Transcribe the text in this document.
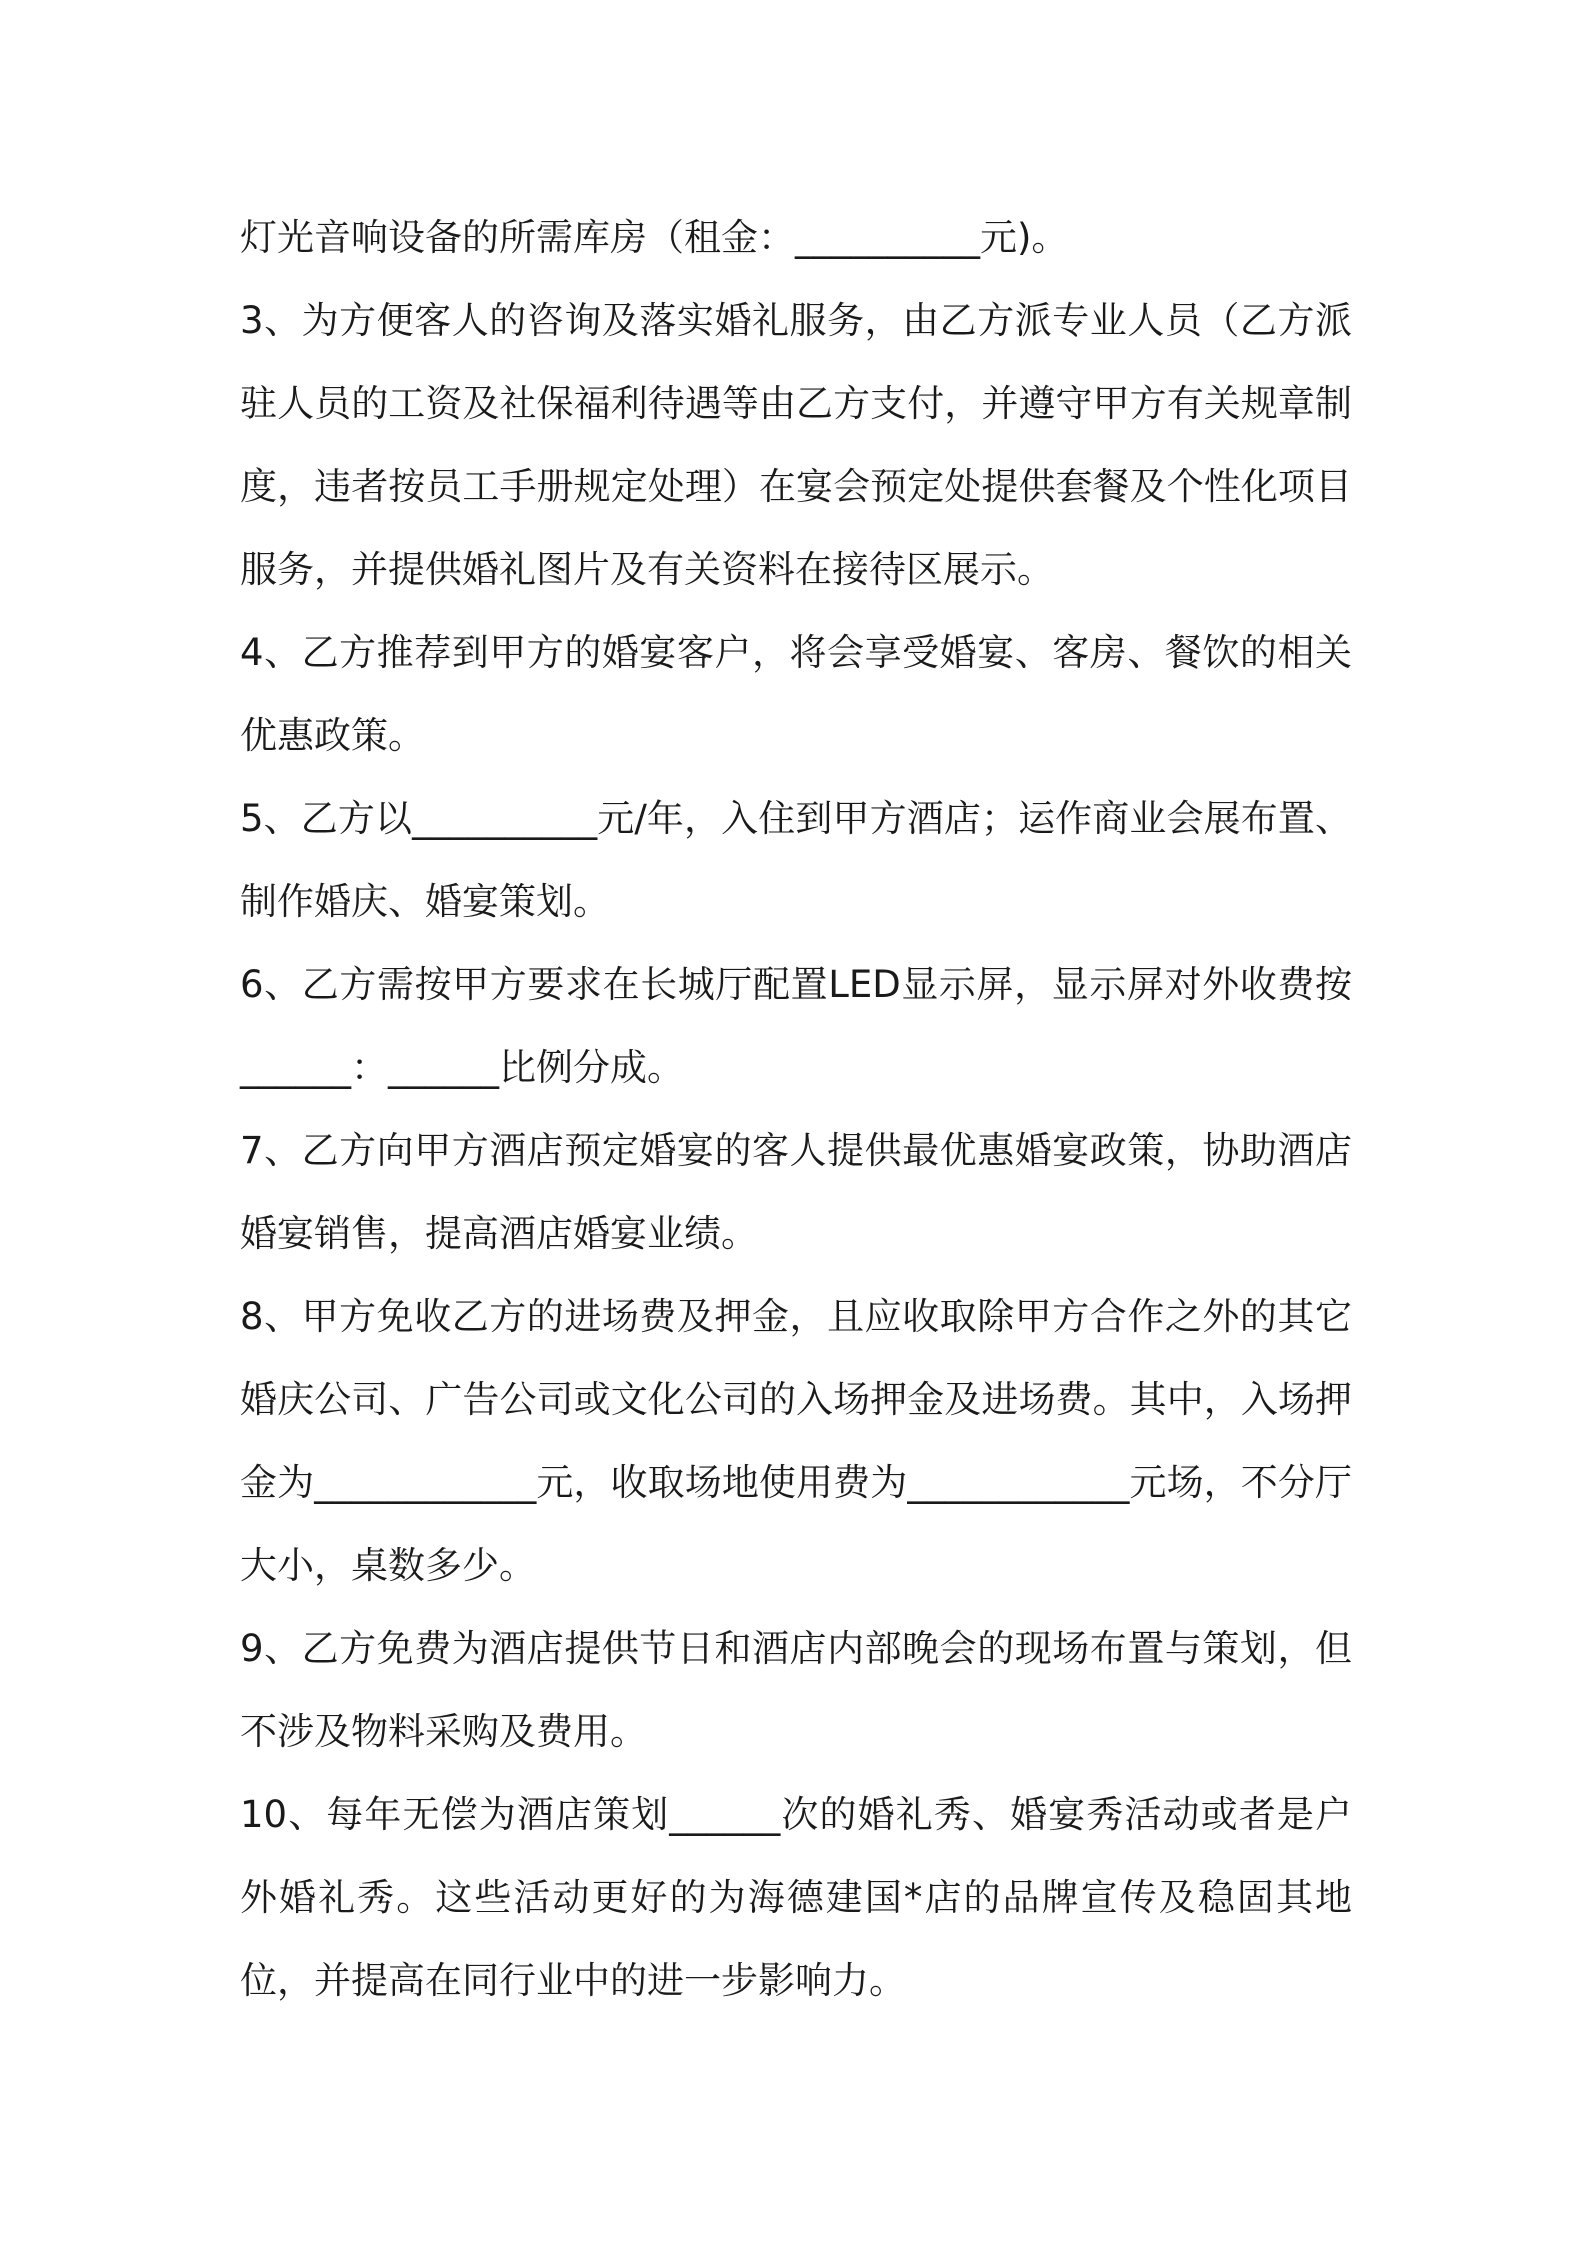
灯光音响设备的所需库房（租金：__________元)。

3、为方便客人的咨询及落实婚礼服务，由乙方派专业人员（乙方派驻人员的工资及社保福利待遇等由乙方支付，并遵守甲方有关规章制度，违者按员工手册规定处理）在宴会预定处提供套餐及个性化项目服务，并提供婚礼图片及有关资料在接待区展示。

4、乙方推荐到甲方的婚宴客户，将会享受婚宴、客房、餐饮的相关优惠政策。

5、乙方以__________元/年，入住到甲方酒店；运作商业会展布置、制作婚庆、婚宴策划。

6、乙方需按甲方要求在长城厅配置LED显示屏，显示屏对外收费按______：______比例分成。

7、乙方向甲方酒店预定婚宴的客人提供最优惠婚宴政策，协助酒店婚宴销售，提高酒店婚宴业绩。

8、甲方免收乙方的进场费及押金，且应收取除甲方合作之外的其它婚庆公司、广告公司或文化公司的入场押金及进场费。其中，入场押金为____________元，收取场地使用费为____________元场，不分厅大小，桌数多少。

9、乙方免费为酒店提供节日和酒店内部晚会的现场布置与策划，但不涉及物料采购及费用。

10、每年无偿为酒店策划______次的婚礼秀、婚宴秀活动或者是户外婚礼秀。这些活动更好的为海德建国*店的品牌宣传及稳固其地位，并提高在同行业中的进一步影响力。
